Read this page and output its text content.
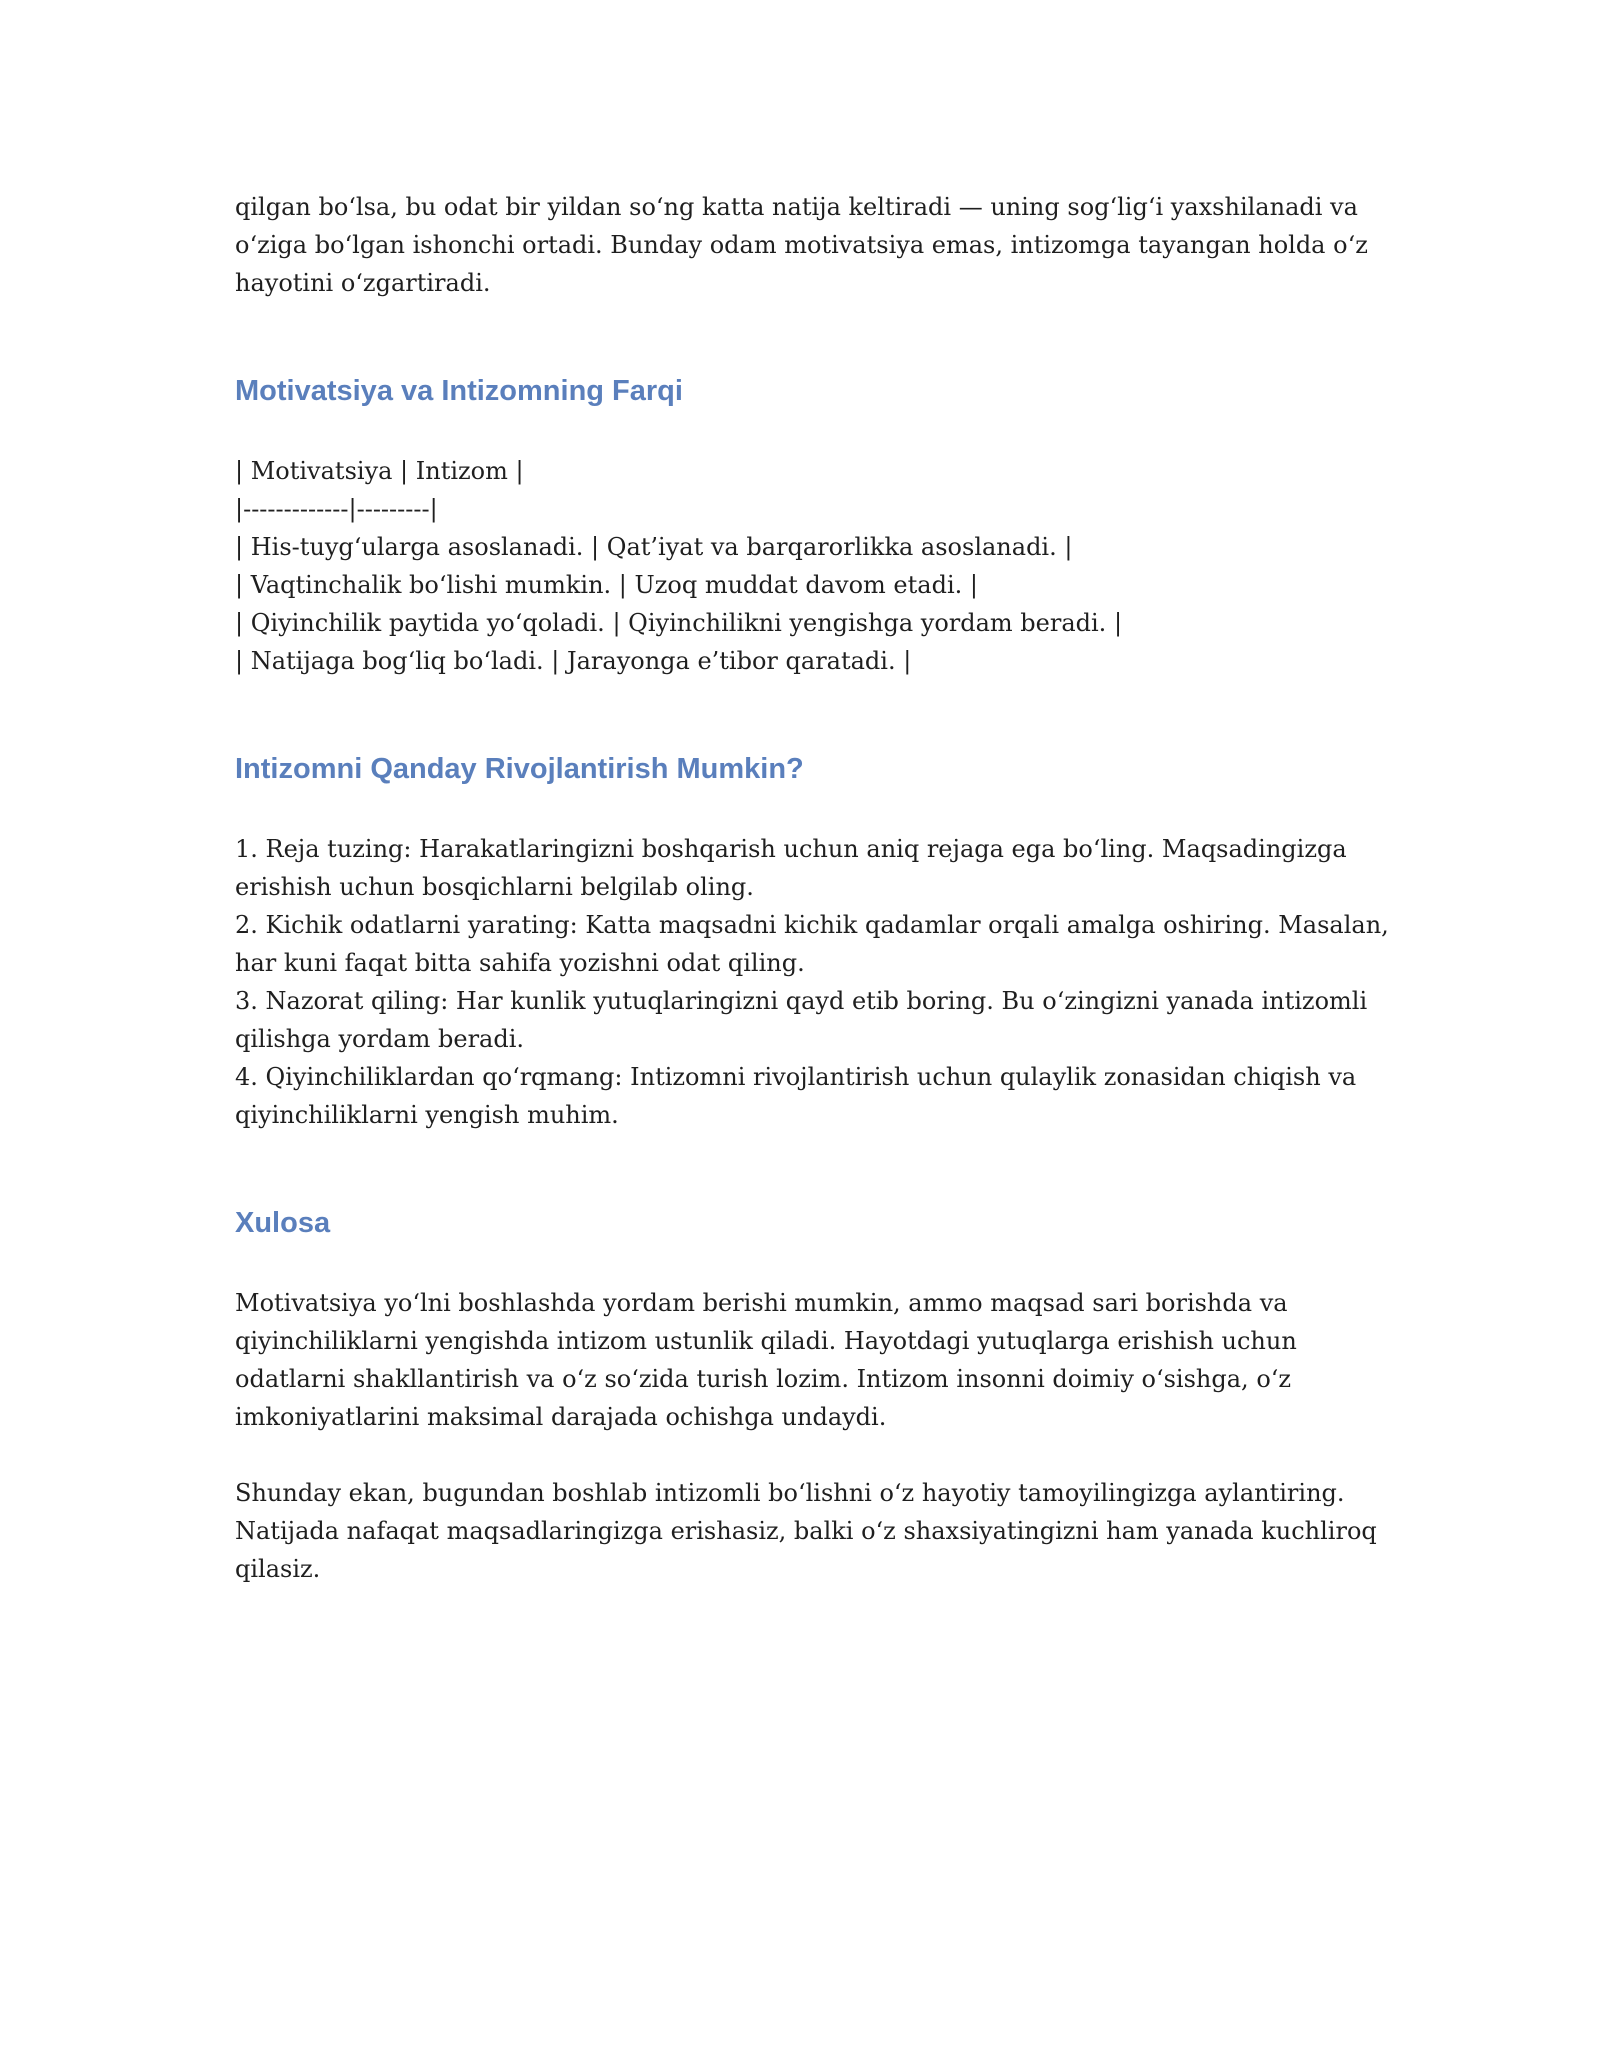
qilgan bo‘lsa, bu odat bir yildan so‘ng katta natija keltiradi — uning sog‘lig‘i yaxshilanadi va
o‘ziga bo‘lgan ishonchi ortadi. Bunday odam motivatsiya emas, intizomga tayangan holda o‘z
hayotini o‘zgartiradi.

Motivatsiya va Intizomning Farqi

| Motivatsiya | Intizom |
|-------------|---------|
| His-tuyg‘ularga asoslanadi. | Qat’iyat va barqarorlikka asoslanadi. |
| Vaqtinchalik bo‘lishi mumkin. | Uzoq muddat davom etadi. |
| Qiyinchilik paytida yo‘qoladi. | Qiyinchilikni yengishga yordam beradi. |
| Natijaga bog‘liq bo‘ladi. | Jarayonga e’tibor qaratadi. |

Intizomni Qanday Rivojlantirish Mumkin?

1. Reja tuzing: Harakatlaringizni boshqarish uchun aniq rejaga ega bo‘ling. Maqsadingizga
erishish uchun bosqichlarni belgilab oling.
2. Kichik odatlarni yarating: Katta maqsadni kichik qadamlar orqali amalga oshiring. Masalan,
har kuni faqat bitta sahifa yozishni odat qiling.
3. Nazorat qiling: Har kunlik yutuqlaringizni qayd etib boring. Bu o‘zingizni yanada intizomli
qilishga yordam beradi.
4. Qiyinchiliklardan qo‘rqmang: Intizomni rivojlantirish uchun qulaylik zonasidan chiqish va
qiyinchiliklarni yengish muhim.

Xulosa

Motivatsiya yo‘lni boshlashda yordam berishi mumkin, ammo maqsad sari borishda va
qiyinchiliklarni yengishda intizom ustunlik qiladi. Hayotdagi yutuqlarga erishish uchun
odatlarni shakllantirish va o‘z so‘zida turish lozim. Intizom insonni doimiy o‘sishga, o‘z
imkoniyatlarini maksimal darajada ochishga undaydi.

Shunday ekan, bugundan boshlab intizomli bo‘lishni o‘z hayotiy tamoyilingizga aylantiring.
Natijada nafaqat maqsadlaringizga erishasiz, balki o‘z shaxsiyatingizni ham yanada kuchliroq
qilasiz.
